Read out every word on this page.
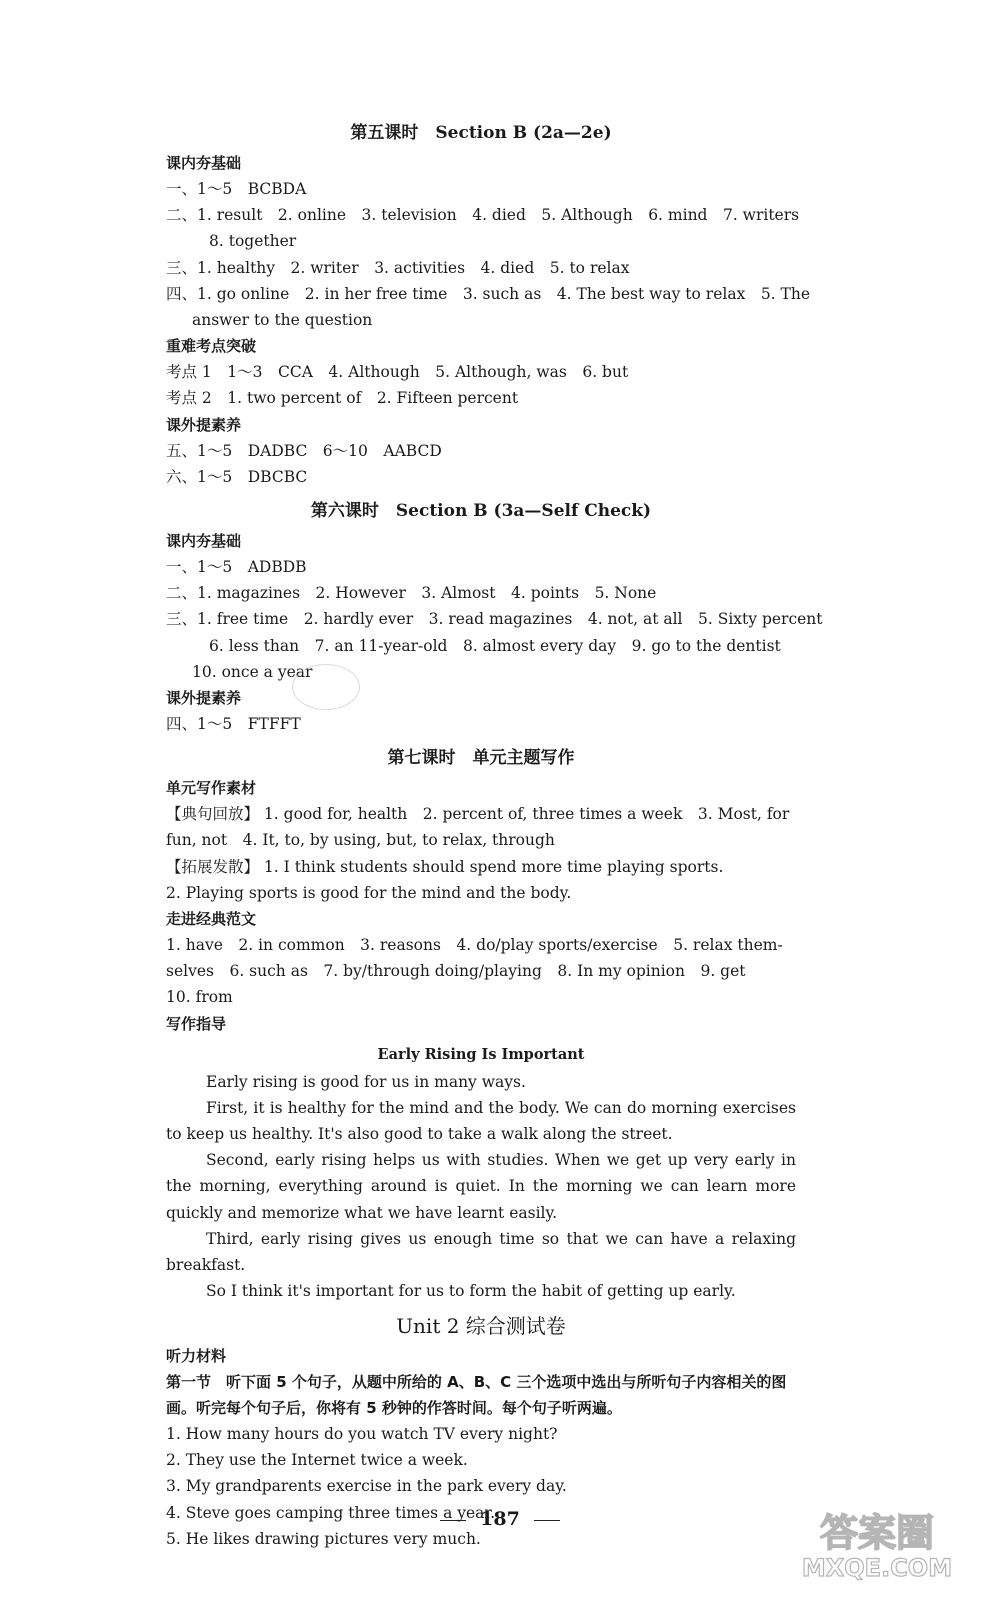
第五课时　Section B (2a—2e)
课内夯基础
一、1～5　BCBDA
二、1. result　2. online　3. television　4. died　5. Although　6. mind　7. writers
8. together
三、1. healthy　2. writer　3. activities　4. died　5. to relax
四、1. go online　2. in her free time　3. such as　4. The best way to relax　5. The
answer to the question
重难考点突破
考点 1　1～3　CCA　4. Although　5. Although, was　6. but
考点 2　1. two percent of　2. Fifteen percent
课外提素养
五、1～5　DADBC　6～10　AABCD
六、1～5　DBCBC
第六课时　Section B (3a—Self Check)
课内夯基础
一、1～5　ADBDB
二、1. magazines　2. However　3. Almost　4. points　5. None
三、1. free time　2. hardly ever　3. read magazines　4. not, at all　5. Sixty percent
6. less than　7. an 11-year-old　8. almost every day　9. go to the dentist
10. once a year
课外提素养
四、1～5　FTFFT
第七课时　单元主题写作
单元写作素材
【典句回放】 1. good for, health　2. percent of, three times a week　3. Most, for
fun, not　4. It, to, by using, but, to relax, through
【拓展发散】 1. I think students should spend more time playing sports.
2. Playing sports is good for the mind and the body.
走进经典范文
1. have　2. in common　3. reasons　4. do/play sports/exercise　5. relax them-
selves　6. such as　7. by/through doing/playing　8. In my opinion　9. get
10. from
写作指导
Early Rising Is Important
Early rising is good for us in many ways.
First, it is healthy for the mind and the body. We can do morning exercises to keep us healthy. It's also good to take a walk along the street.
Second, early rising helps us with studies. When we get up very early in the morning, everything around is quiet. In the morning we can learn more quickly and memorize what we have learnt easily.
Third, early rising gives us enough time so that we can have a relaxing breakfast.
So I think it's important for us to form the habit of getting up early.
Unit 2 综合测试卷
听力材料
第一节　听下面 5 个句子，从题中所给的 A、B、C 三个选项中选出与所听句子内容相关的图画。听完每个句子后，你将有 5 秒钟的作答时间。每个句子听两遍。
1. How many hours do you watch TV every night?
2. They use the Internet twice a week.
3. My grandparents exercise in the park every day.
4. Steve goes camping three times a year.
5. He likes drawing pictures very much.
187	答案圈
MXQE.COM
